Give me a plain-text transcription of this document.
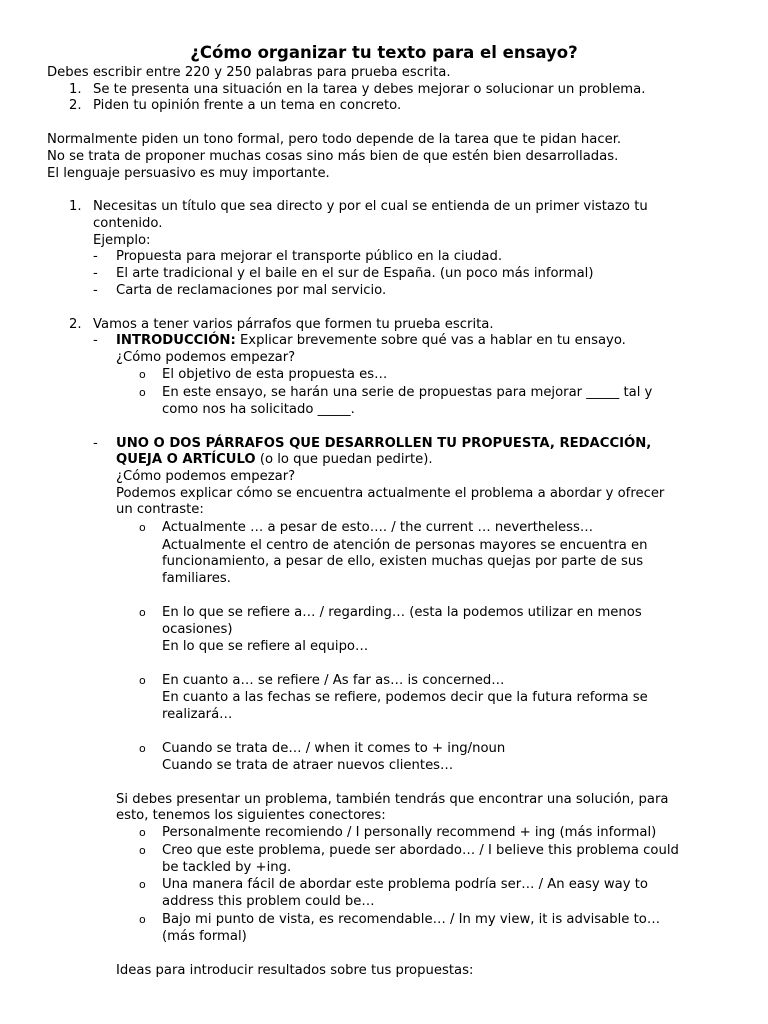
¿Cómo organizar tu texto para el ensayo?
Debes escribir entre 220 y 250 palabras para prueba escrita.
1. Se te presenta una situación en la tarea y debes mejorar o solucionar un problema.
2. Piden tu opinión frente a un tema en concreto.
Normalmente piden un tono formal, pero todo depende de la tarea que te pidan hacer.
No se trata de proponer muchas cosas sino más bien de que estén bien desarrolladas.
El lenguaje persuasivo es muy importante.
1. Necesitas un título que sea directo y por el cual se entienda de un primer vistazo tu
contenido.
Ejemplo:
- Propuesta para mejorar el transporte público en la ciudad.
- El arte tradicional y el baile en el sur de España. (un poco más informal)
- Carta de reclamaciones por mal servicio.
2. Vamos a tener varios párrafos que formen tu prueba escrita.
- INTRODUCCIÓN: Explicar brevemente sobre qué vas a hablar en tu ensayo.
¿Cómo podemos empezar?
o El objetivo de esta propuesta es…
o En este ensayo, se harán una serie de propuestas para mejorar _____ tal y
como nos ha solicitado _____.
- UNO O DOS PÁRRAFOS QUE DESARROLLEN TU PROPUESTA, REDACCIÓN,
QUEJA O ARTÍCULO (o lo que puedan pedirte).
¿Cómo podemos empezar?
Podemos explicar cómo se encuentra actualmente el problema a abordar y ofrecer
un contraste:
o Actualmente … a pesar de esto…. / the current … nevertheless…
Actualmente el centro de atención de personas mayores se encuentra en
funcionamiento, a pesar de ello, existen muchas quejas por parte de sus
familiares.
o En lo que se refiere a… / regarding… (esta la podemos utilizar en menos
ocasiones)
En lo que se refiere al equipo…
o En cuanto a… se refiere / As far as… is concerned…
En cuanto a las fechas se refiere, podemos decir que la futura reforma se
realizará…
o Cuando se trata de… / when it comes to + ing/noun
Cuando se trata de atraer nuevos clientes…
Si debes presentar un problema, también tendrás que encontrar una solución, para
esto, tenemos los siguientes conectores:
o Personalmente recomiendo / I personally recommend + ing (más informal)
o Creo que este problema, puede ser abordado… / I believe this problema could
be tackled by +ing.
o Una manera fácil de abordar este problema podría ser… / An easy way to
address this problem could be…
o Bajo mi punto de vista, es recomendable… / In my view, it is advisable to…
(más formal)
Ideas para introducir resultados sobre tus propuestas:
